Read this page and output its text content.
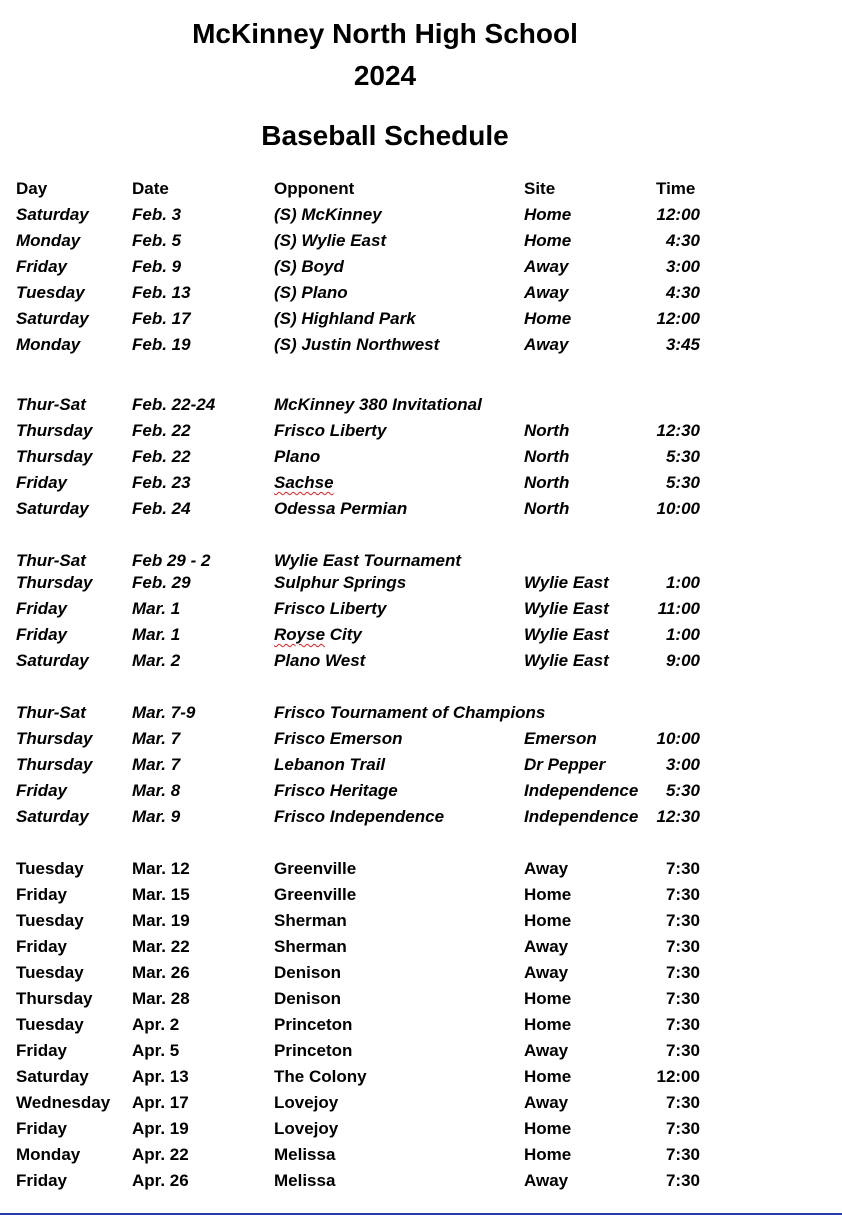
McKinney North High School
2024
Baseball Schedule
Day	Date	Opponent	Site	Time
Saturday	Feb. 3	(S) McKinney	Home	12:00
Monday	Feb. 5	(S) Wylie East	Home	4:30
Friday	Feb. 9	(S) Boyd	Away	3:00
Tuesday	Feb. 13	(S) Plano	Away	4:30
Saturday	Feb. 17	(S) Highland Park	Home	12:00
Monday	Feb. 19	(S) Justin Northwest	Away	3:45
Thur-Sat	Feb. 22-24	McKinney 380 Invitational
Thursday Feb. 22	Frisco Liberty	North	12:30
Thursday Feb. 22	Plano	North	5:30
Friday	Feb. 23	Sachse	North	5:30
Saturday	Feb. 24	Odessa Permian	North	10:00
Thur-Sat	Feb 29 - 2	Wylie East Tournament
Thursday Feb. 29	Sulphur Springs	Wylie East	1:00
Friday	Mar. 1	Frisco Liberty	Wylie East	11:00
Friday	Mar. 1	Royse City	Wylie East	1:00
Saturday	Mar. 2	Plano West	Wylie East	9:00
Thur-Sat	Mar. 7-9	Frisco Tournament of Champions
Thursday Mar. 7	Frisco Emerson	Emerson	10:00
Thursday Mar. 7	Lebanon Trail	Dr Pepper	3:00
Friday	Mar. 8	Frisco Heritage	Independence	5:30
Saturday	Mar. 9	Frisco Independence	Independence	12:30
Tuesday	Mar. 12	Greenville	Away	7:30
Friday	Mar. 15	Greenville	Home	7:30
Tuesday	Mar. 19	Sherman	Home	7:30
Friday	Mar. 22	Sherman	Away	7:30
Tuesday	Mar. 26	Denison	Away	7:30
Thursday Mar. 28	Denison	Home	7:30
Tuesday	Apr. 2	Princeton	Home	7:30
Friday	Apr. 5	Princeton	Away	7:30
Saturday	Apr. 13	The Colony	Home	12:00
Wednesday Apr. 17	Lovejoy	Away	7:30
Friday	Apr. 19	Lovejoy	Home	7:30
Monday	Apr. 22	Melissa	Home	7:30
Friday	Apr. 26	Melissa	Away	7:30
